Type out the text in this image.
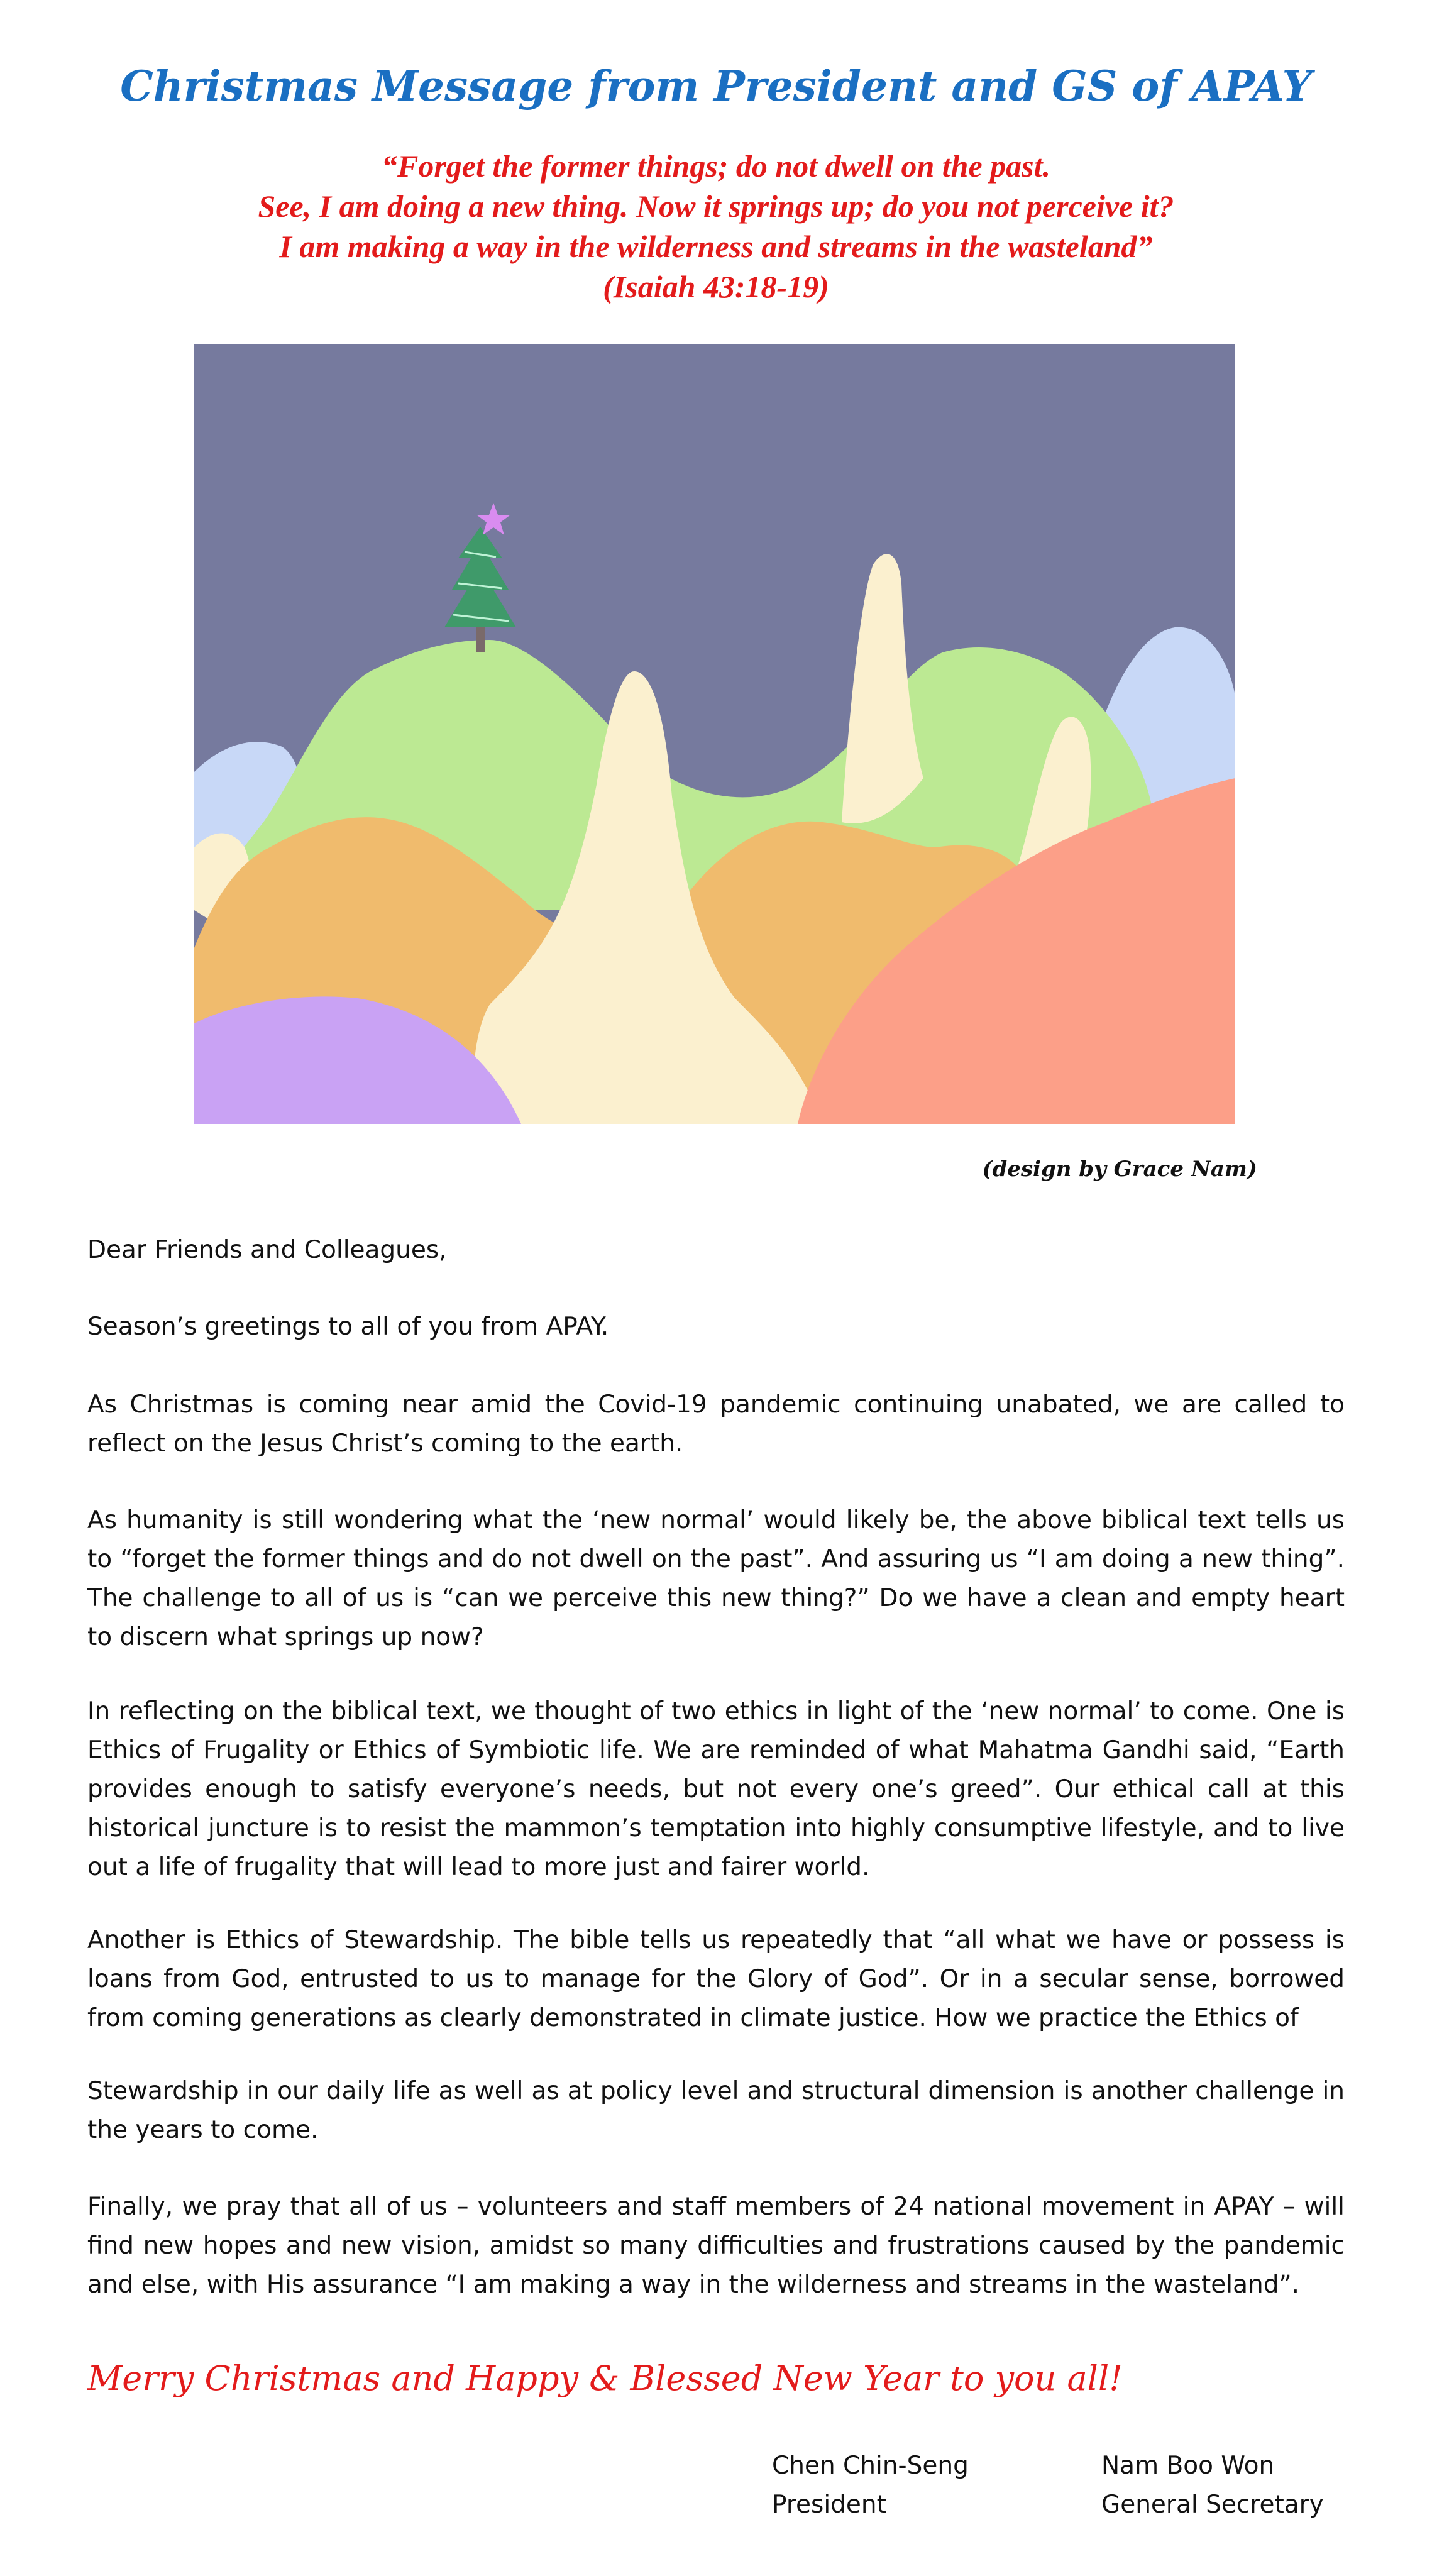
Christmas Message from President and GS of APAY
“Forget the former things; do not dwell on the past.
See, I am doing a new thing. Now it springs up; do you not perceive it?
I am making a way in the wilderness and streams in the wasteland”
(Isaiah 43:18-19)
(design by Grace Nam)

Dear Friends and Colleagues,

Season’s greetings to all of you from APAY.

As Christmas is coming near amid the Covid-19 pandemic continuing unabated, we are called to reflect on the Jesus Christ’s coming to the earth.

As humanity is still wondering what the ‘new normal’ would likely be, the above biblical text tells us to “forget the former things and do not dwell on the past”. And assuring us “I am doing a new thing”. The challenge to all of us is “can we perceive this new thing?” Do we have a clean and empty heart to discern what springs up now?

In reflecting on the biblical text, we thought of two ethics in light of the ‘new normal’ to come. One is Ethics of Frugality or Ethics of Symbiotic life. We are reminded of what Mahatma Gandhi said, “Earth provides enough to satisfy everyone’s needs, but not every one’s greed”. Our ethical call at this historical juncture is to resist the mammon’s temptation into highly consumptive lifestyle, and to live out a life of frugality that will lead to more just and fairer world.

Another is Ethics of Stewardship. The bible tells us repeatedly that “all what we have or possess is loans from God, entrusted to us to manage for the Glory of God”. Or in a secular sense, borrowed from coming generations as clearly demonstrated in climate justice. How we practice the Ethics of

Stewardship in our daily life as well as at policy level and structural dimension is another challenge in the years to come.

Finally, we pray that all of us – volunteers and staff members of 24 national movement in APAY – will find new hopes and new vision, amidst so many difficulties and frustrations caused by the pandemic and else, with His assurance “I am making a way in the wilderness and streams in the wasteland”.

Merry Christmas and Happy & Blessed New Year to you all!
Chen Chin-Seng
President
Nam Boo Won
General Secretary
